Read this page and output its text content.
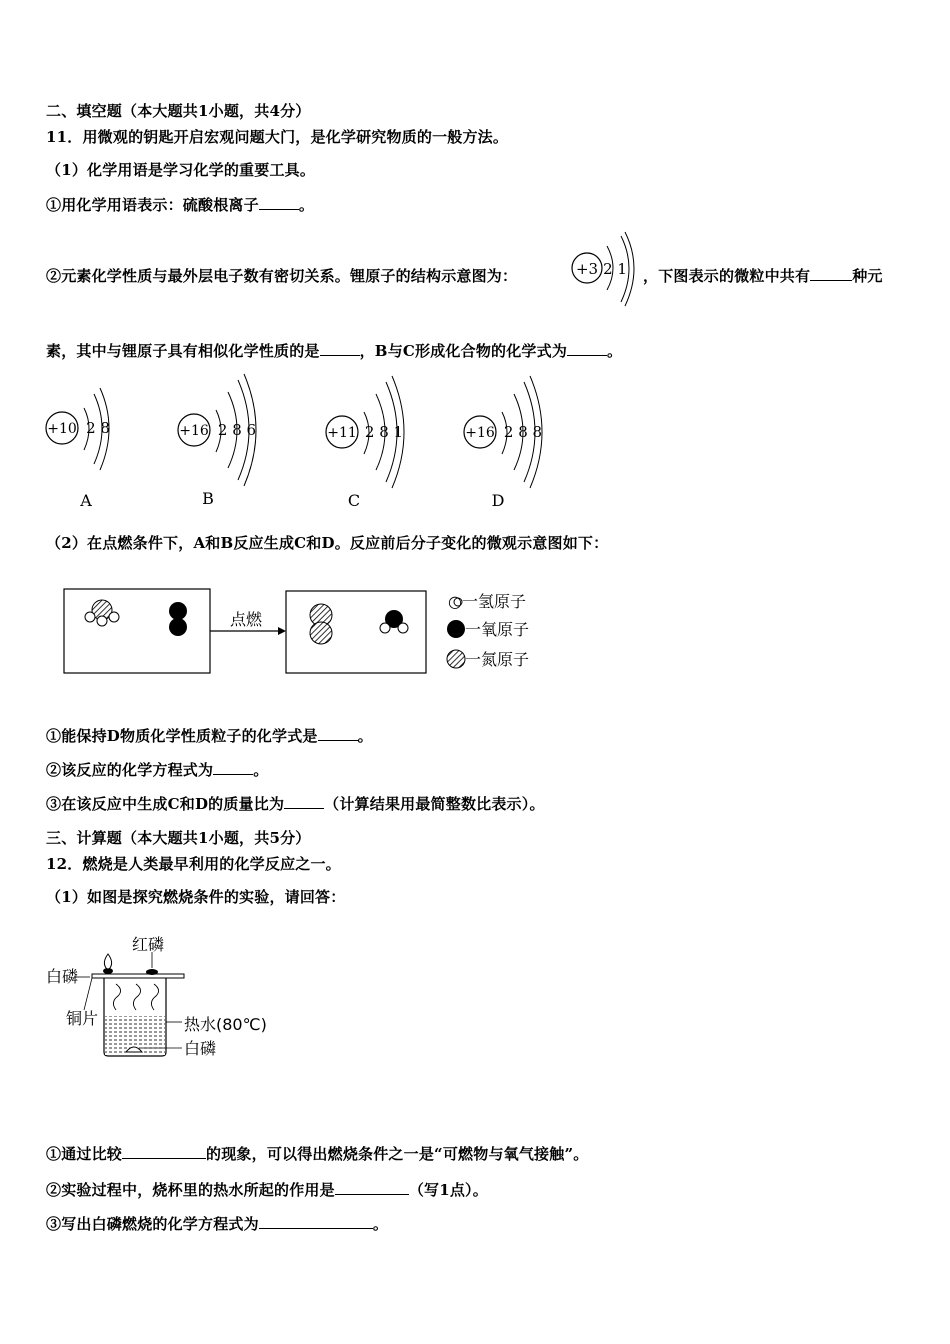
二、填空题（本大题共1小题，共4分）
11．用微观的钥匙开启宏观问题大门，是化学研究物质的一般方法。
（1）化学用语是学习化学的重要工具。
①用化学用语表示：硫酸根离子	。
②元素化学性质与最外层电子数有密切关系。锂原子的结构示意图为：	+3 2 1 ，下图表示的微粒中共有	种元
素，其中与锂原子具有相似化学性质的是	，B与C形成化合物的化学式为	。
+10 2 8
A
+16 2 8 6
B
+11 2 8 1
C
+16 2 8 8
D
（2）在点燃条件下，A和B反应生成C和D。反应前后分子变化的微观示意图如下：
点燃
○一氢原子
一氧原子
一氮原子
①能保持D物质化学性质粒子的化学式是	。
②该反应的化学方程式为	。
③在该反应中生成C和D的质量比为	（计算结果用最简整数比表示）。
三、计算题（本大题共1小题，共5分）
12．燃烧是人类最早利用的化学反应之一。
（1）如图是探究燃烧条件的实验，请回答：
红磷
白磷
铜片	热水(80℃)
白磷
①通过比较	的现象，可以得出燃烧条件之一是“可燃物与氧气接触”。
②实验过程中，烧杯里的热水所起的作用是	（写1点）。
③写出白磷燃烧的化学方程式为	。
